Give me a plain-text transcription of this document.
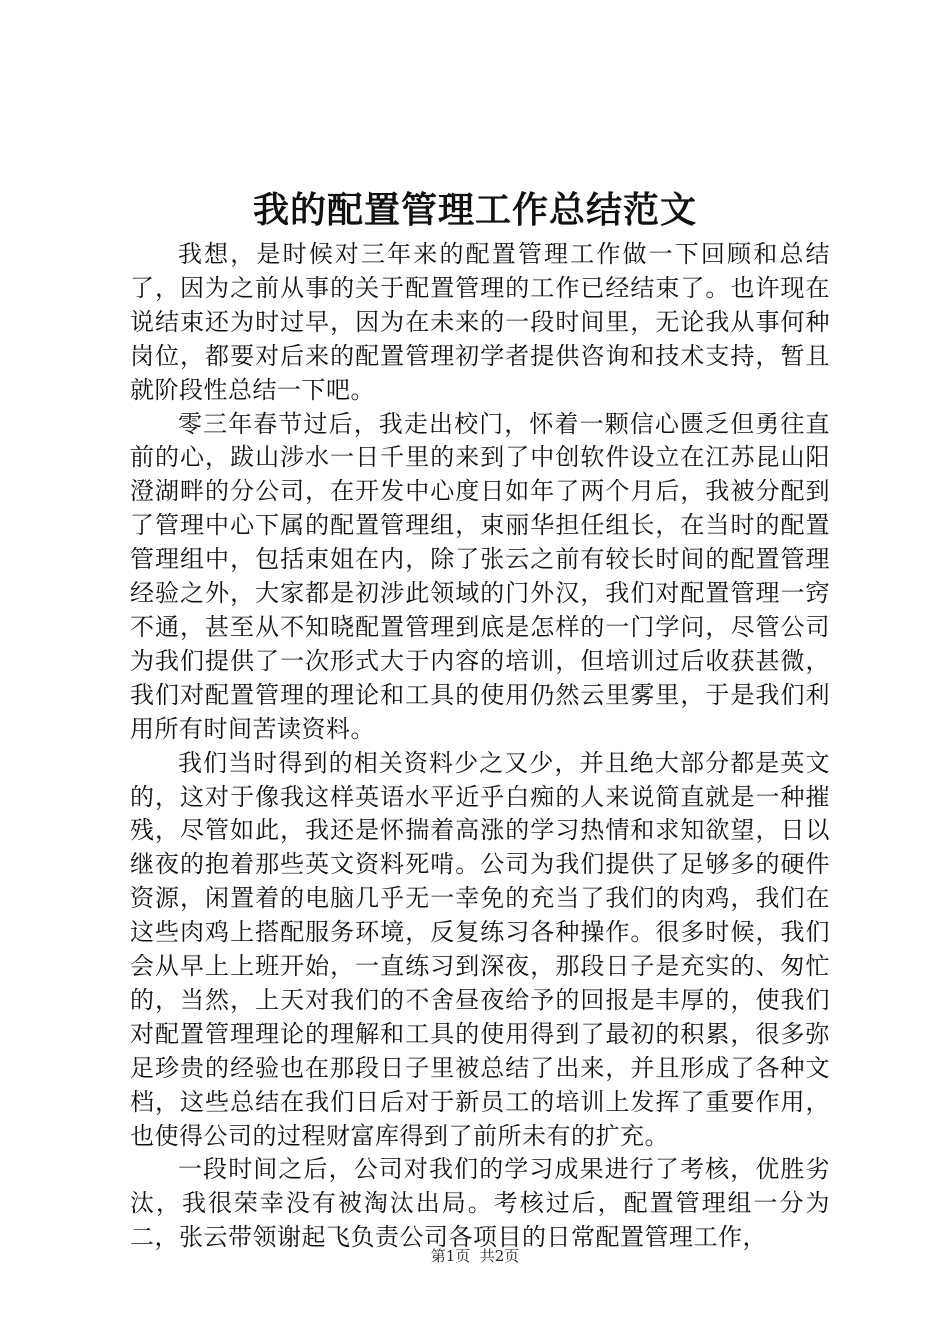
我的配置管理工作总结范文

我想，是时候对三年来的配置管理工作做一下回顾和总结了，因为之前从事的关于配置管理的工作已经结束了。也许现在说结束还为时过早，因为在未来的一段时间里，无论我从事何种岗位，都要对后来的配置管理初学者提供咨询和技术支持，暂且就阶段性总结一下吧。

零三年春节过后，我走出校门，怀着一颗信心匮乏但勇往直前的心，跋山涉水一日千里的来到了中创软件设立在江苏昆山阳澄湖畔的分公司，在开发中心度日如年了两个月后，我被分配到了管理中心下属的配置管理组，束丽华担任组长，在当时的配置管理组中，包括束姐在内，除了张云之前有较长时间的配置管理经验之外，大家都是初涉此领域的门外汉，我们对配置管理一窍不通，甚至从不知晓配置管理到底是怎样的一门学问，尽管公司为我们提供了一次形式大于内容的培训，但培训过后收获甚微，我们对配置管理的理论和工具的使用仍然云里雾里，于是我们利用所有时间苦读资料。

我们当时得到的相关资料少之又少，并且绝大部分都是英文的，这对于像我这样英语水平近乎白痴的人来说简直就是一种摧残，尽管如此，我还是怀揣着高涨的学习热情和求知欲望，日以继夜的抱着那些英文资料死啃。公司为我们提供了足够多的硬件资源，闲置着的电脑几乎无一幸免的充当了我们的肉鸡，我们在这些肉鸡上搭配服务环境，反复练习各种操作。很多时候，我们会从早上上班开始，一直练习到深夜，那段日子是充实的、匆忙的，当然，上天对我们的不舍昼夜给予的回报是丰厚的，使我们对配置管理理论的理解和工具的使用得到了最初的积累，很多弥足珍贵的经验也在那段日子里被总结了出来，并且形成了各种文档，这些总结在我们日后对于新员工的培训上发挥了重要作用，也使得公司的过程财富库得到了前所未有的扩充。

一段时间之后，公司对我们的学习成果进行了考核，优胜劣汰，我很荣幸没有被淘汰出局。考核过后，配置管理组一分为二，张云带领谢起飞负责公司各项目的日常配置管理工作，

第1页  共2页
